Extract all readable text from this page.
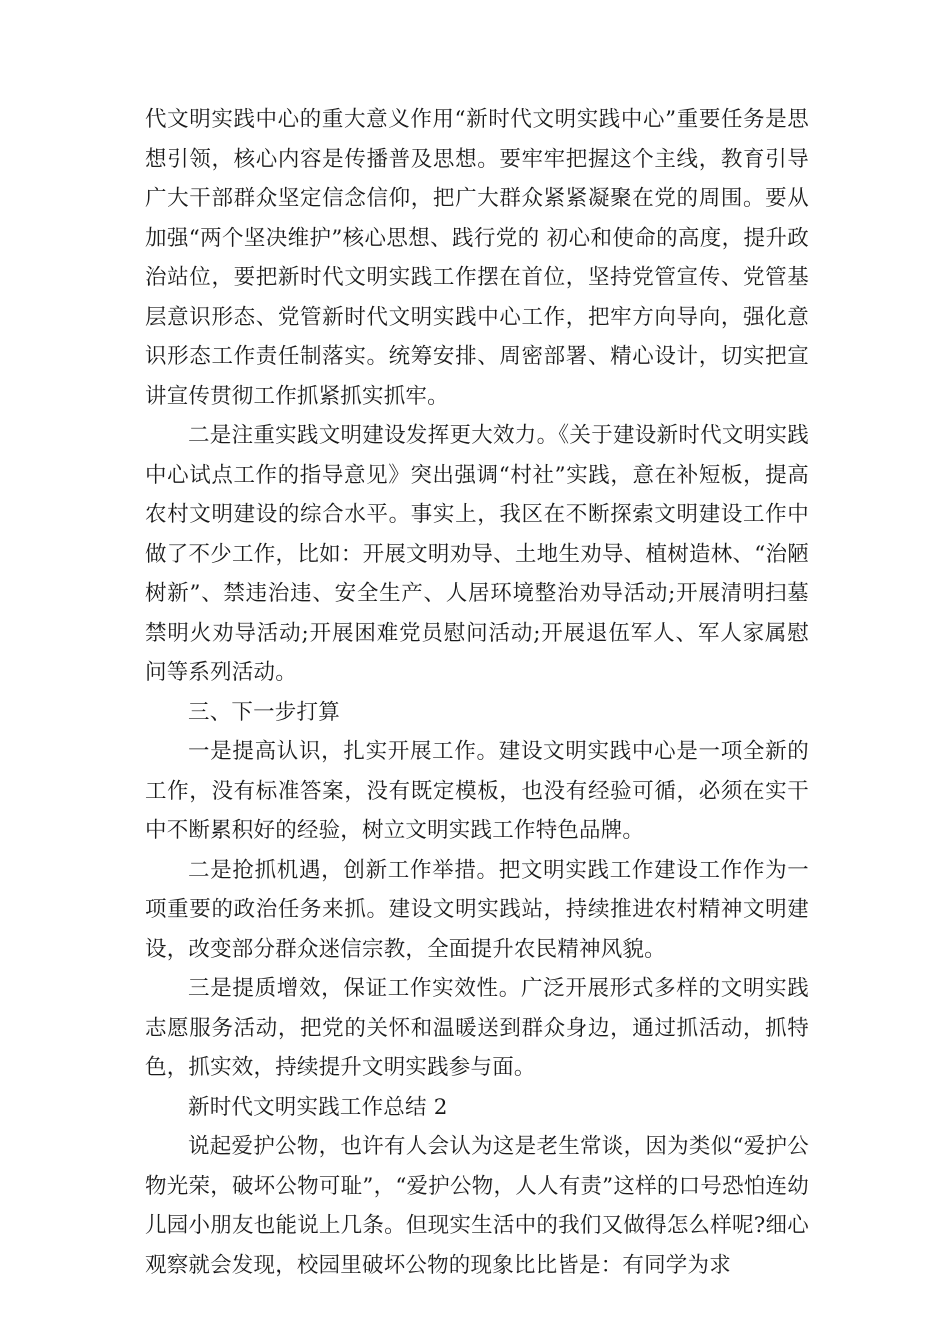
代文明实践中心的重大意义作用“新时代文明实践中心”重要任务是思想引领，核心内容是传播普及思想。要牢牢把握这个主线，教育引导广大干部群众坚定信念信仰，把广大群众紧紧凝聚在党的周围。要从加强“两个坚决维护”核心思想、践行党的 初心和使命的高度，提升政治站位，要把新时代文明实践工作摆在首位，坚持党管宣传、党管基层意识形态、党管新时代文明实践中心工作，把牢方向导向，强化意识形态工作责任制落实。统筹安排、周密部署、精心设计，切实把宣讲宣传贯彻工作抓紧抓实抓牢。

二是注重实践文明建设发挥更大效力。《关于建设新时代文明实践中心试点工作的指导意见》突出强调“村社”实践，意在补短板，提高农村文明建设的综合水平。事实上，我区在不断探索文明建设工作中做了不少工作，比如：开展文明劝导、土地生劝导、植树造林、“治陋树新”、禁违治违、安全生产、人居环境整治劝导活动;开展清明扫墓禁明火劝导活动;开展困难党员慰问活动;开展退伍军人、军人家属慰问等系列活动。

三、下一步打算

一是提高认识，扎实开展工作。建设文明实践中心是一项全新的工作，没有标准答案，没有既定模板，也没有经验可循，必须在实干中不断累积好的经验，树立文明实践工作特色品牌。

二是抢抓机遇，创新工作举措。把文明实践工作建设工作作为一项重要的政治任务来抓。建设文明实践站，持续推进农村精神文明建设，改变部分群众迷信宗教，全面提升农民精神风貌。

三是提质增效，保证工作实效性。广泛开展形式多样的文明实践志愿服务活动，把党的关怀和温暖送到群众身边，通过抓活动，抓特色，抓实效，持续提升文明实践参与面。

新时代文明实践工作总结 2

说起爱护公物，也许有人会认为这是老生常谈，因为类似“爱护公物光荣，破坏公物可耻”，“爱护公物，人人有责”这样的口号恐怕连幼儿园小朋友也能说上几条。但现实生活中的我们又做得怎么样呢?细心观察就会发现，校园里破坏公物的现象比比皆是：有同学为求
